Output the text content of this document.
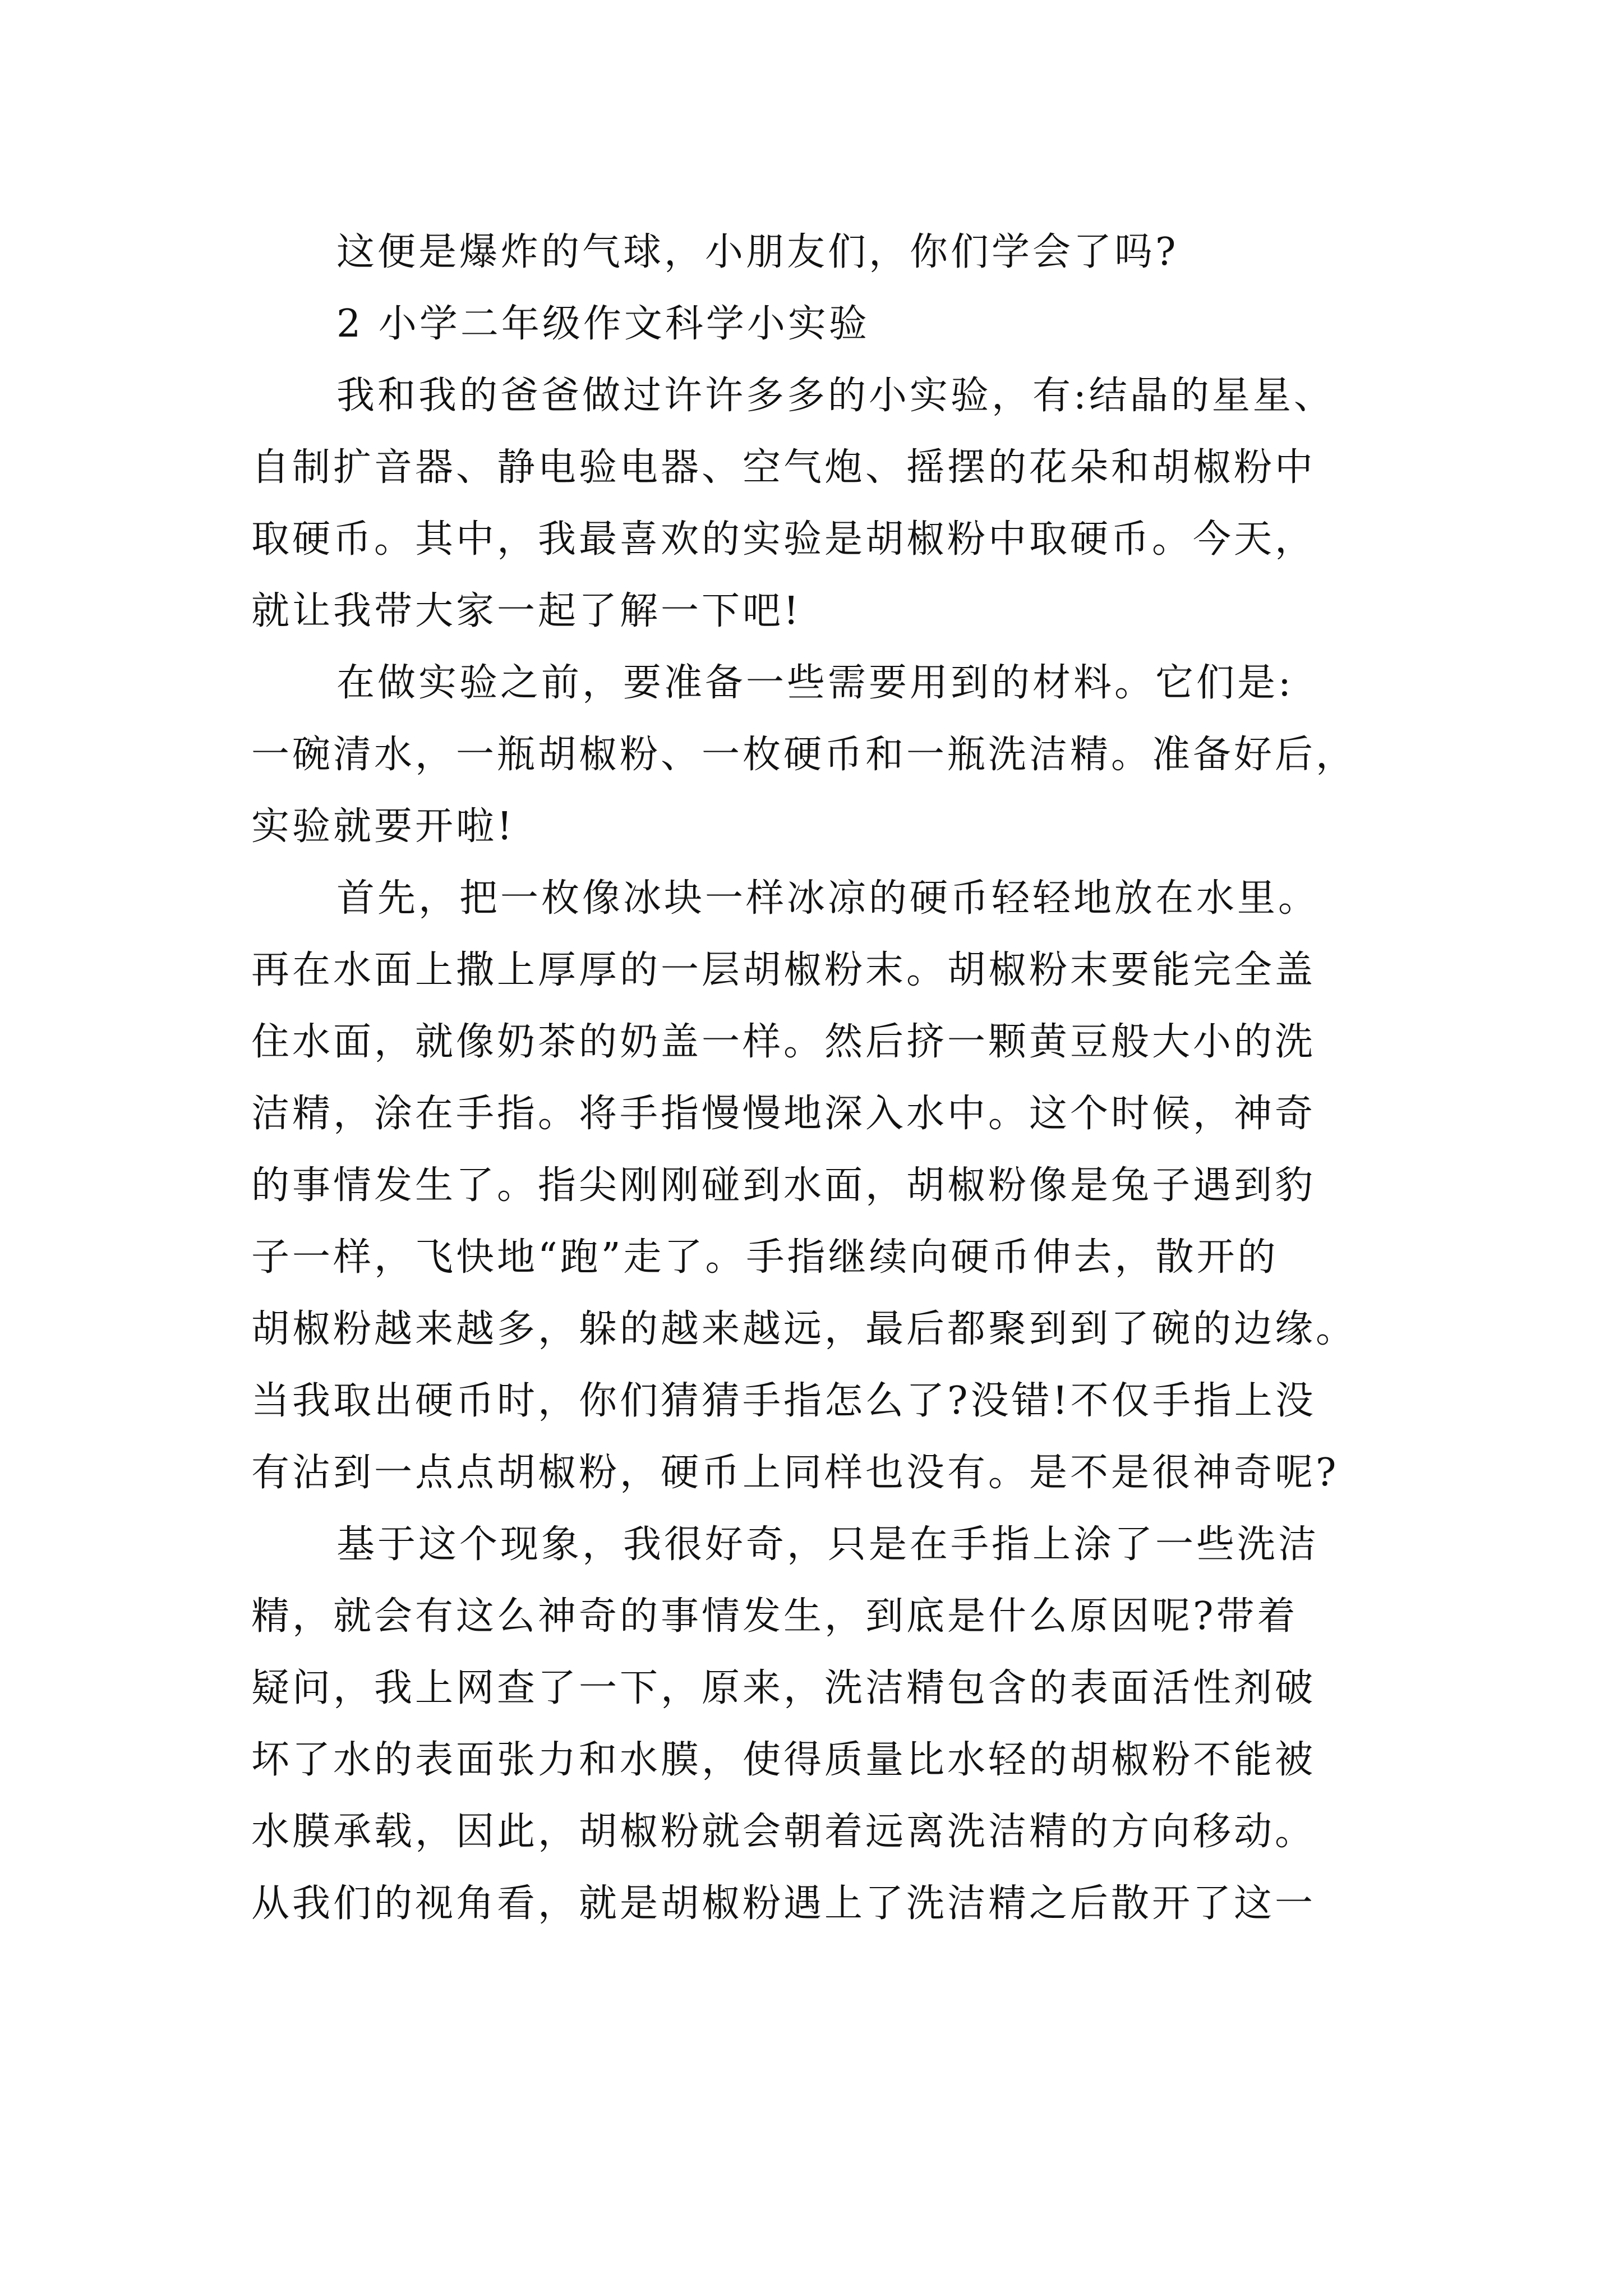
这便是爆炸的气球，小朋友们，你们学会了吗?
2 小学二年级作文科学小实验
我和我的爸爸做过许许多多的小实验，有:结晶的星星、
自制扩音器、静电验电器、空气炮、摇摆的花朵和胡椒粉中
取硬币。其中，我最喜欢的实验是胡椒粉中取硬币。今天，
就让我带大家一起了解一下吧!
在做实验之前，要准备一些需要用到的材料。它们是:
一碗清水，一瓶胡椒粉、一枚硬币和一瓶洗洁精。准备好后，
实验就要开啦!
首先，把一枚像冰块一样冰凉的硬币轻轻地放在水里。
再在水面上撒上厚厚的一层胡椒粉末。胡椒粉末要能完全盖
住水面，就像奶茶的奶盖一样。然后挤一颗黄豆般大小的洗
洁精，涂在手指。将手指慢慢地深入水中。这个时候，神奇
的事情发生了。指尖刚刚碰到水面，胡椒粉像是兔子遇到豹
子一样，飞快地“跑”走了。手指继续向硬币伸去，散开的
胡椒粉越来越多，躲的越来越远，最后都聚到到了碗的边缘。
当我取出硬币时，你们猜猜手指怎么了?没错!不仅手指上没
有沾到一点点胡椒粉，硬币上同样也没有。是不是很神奇呢?
基于这个现象，我很好奇，只是在手指上涂了一些洗洁
精，就会有这么神奇的事情发生，到底是什么原因呢?带着
疑问，我上网查了一下，原来，洗洁精包含的表面活性剂破
坏了水的表面张力和水膜，使得质量比水轻的胡椒粉不能被
水膜承载，因此，胡椒粉就会朝着远离洗洁精的方向移动。
从我们的视角看，就是胡椒粉遇上了洗洁精之后散开了这一
